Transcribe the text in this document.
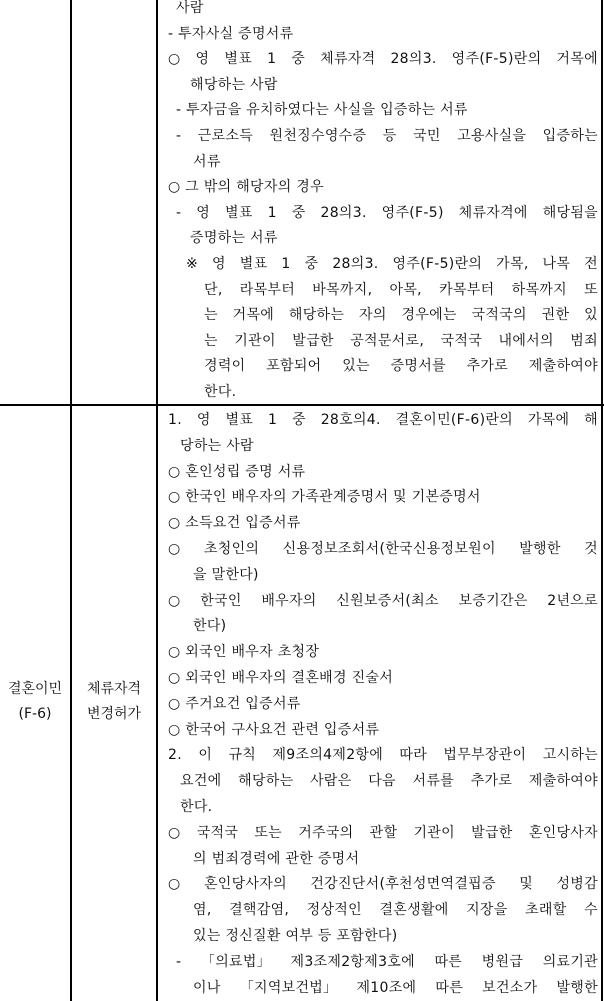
결혼이민
(F-6)
체류자격
변경허가
사람
- 투자사실 증명서류
○ 영 별표 1 중 체류자격 28의3. 영주(F-5)란의 거목에
해당하는 사람
- 투자금을 유치하였다는 사실을 입증하는 서류
- 근로소득 원천징수영수증 등 국민 고용사실을 입증하는
서류
○ 그 밖의 해당자의 경우
- 영 별표 1 중 28의3. 영주(F-5) 체류자격에 해당됨을
증명하는 서류
※ 영 별표 1 중 28의3. 영주(F-5)란의 가목, 나목 전
단, 라목부터 바목까지, 아목, 카목부터 하목까지 또
는 거목에 해당하는 자의 경우에는 국적국의 권한 있
는 기관이 발급한 공적문서로, 국적국 내에서의 범죄
경력이 포함되어 있는 증명서를 추가로 제출하여야
한다.
1. 영 별표 1 중 28호의4. 결혼이민(F-6)란의 가목에 해
당하는 사람
○ 혼인성립 증명 서류
○ 한국인 배우자의 가족관계증명서 및 기본증명서
○ 소득요건 입증서류
○ 초청인의 신용정보조회서(한국신용정보원이 발행한 것
을 말한다)
○ 한국인 배우자의 신원보증서(최소 보증기간은 2년으로
한다)
○ 외국인 배우자 초청장
○ 외국인 배우자의 결혼배경 진술서
○ 주거요건 입증서류
○ 한국어 구사요건 관련 입증서류
2. 이 규칙 제9조의4제2항에 따라 법무부장관이 고시하는
요건에 해당하는 사람은 다음 서류를 추가로 제출하여야
한다.
○ 국적국 또는 거주국의 관할 기관이 발급한 혼인당사자
의 범죄경력에 관한 증명서
○ 혼인당사자의 건강진단서(후천성면역결핍증 및 성병감
염, 결핵감염, 정상적인 결혼생활에 지장을 초래할 수
있는 정신질환 여부 등 포함한다)
- 「의료법」 제3조제2항제3호에 따른 병원급 의료기관
이나 「지역보건법」 제10조에 따른 보건소가 발행한
